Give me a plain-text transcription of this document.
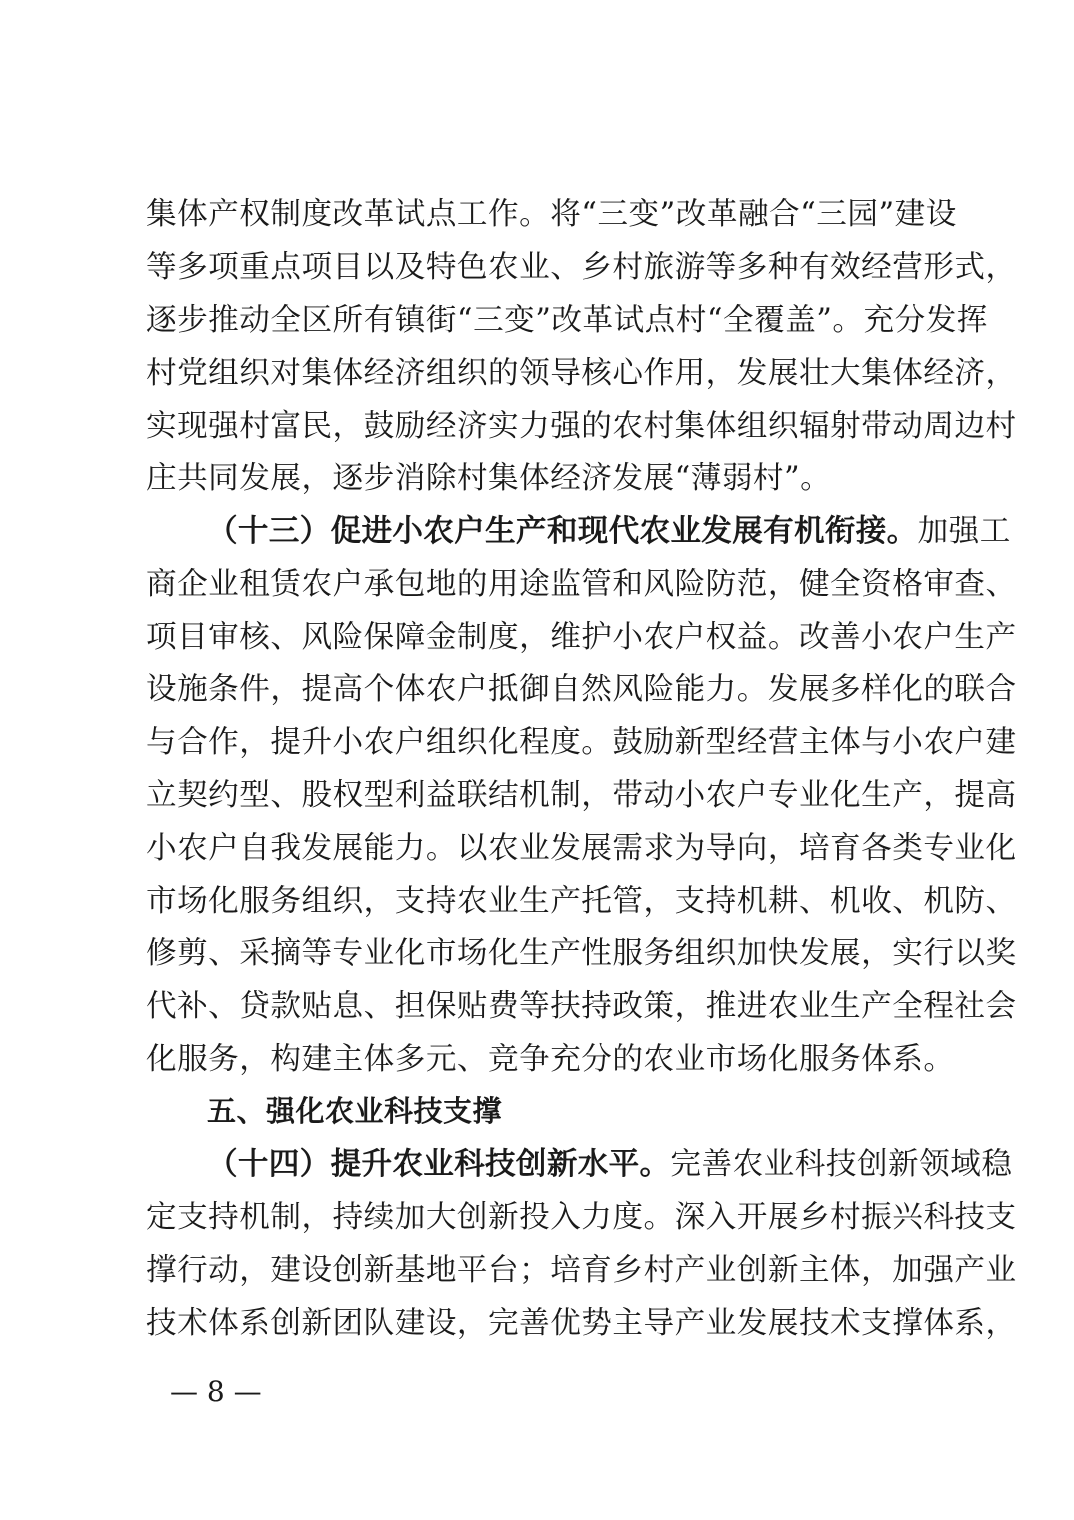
集体产权制度改革试点工作。将“三变”改革融合“三园”建设
等多项重点项目以及特色农业、乡村旅游等多种有效经营形式，
逐步推动全区所有镇街“三变”改革试点村“全覆盖”。充分发挥
村党组织对集体经济组织的领导核心作用，发展壮大集体经济，
实现强村富民，鼓励经济实力强的农村集体组织辐射带动周边村
庄共同发展，逐步消除村集体经济发展“薄弱村”。
（十三）促进小农户生产和现代农业发展有机衔接。加强工
商企业租赁农户承包地的用途监管和风险防范，健全资格审查、
项目审核、风险保障金制度，维护小农户权益。改善小农户生产
设施条件，提高个体农户抵御自然风险能力。发展多样化的联合
与合作，提升小农户组织化程度。鼓励新型经营主体与小农户建
立契约型、股权型利益联结机制，带动小农户专业化生产，提高
小农户自我发展能力。以农业发展需求为导向，培育各类专业化
市场化服务组织，支持农业生产托管，支持机耕、机收、机防、
修剪、采摘等专业化市场化生产性服务组织加快发展，实行以奖
代补、贷款贴息、担保贴费等扶持政策，推进农业生产全程社会
化服务，构建主体多元、竞争充分的农业市场化服务体系。
五、强化农业科技支撑
（十四）提升农业科技创新水平。完善农业科技创新领域稳
定支持机制，持续加大创新投入力度。深入开展乡村振兴科技支
撑行动，建设创新基地平台；培育乡村产业创新主体，加强产业
技术体系创新团队建设，完善优势主导产业发展技术支撑体系，
— 8 —
